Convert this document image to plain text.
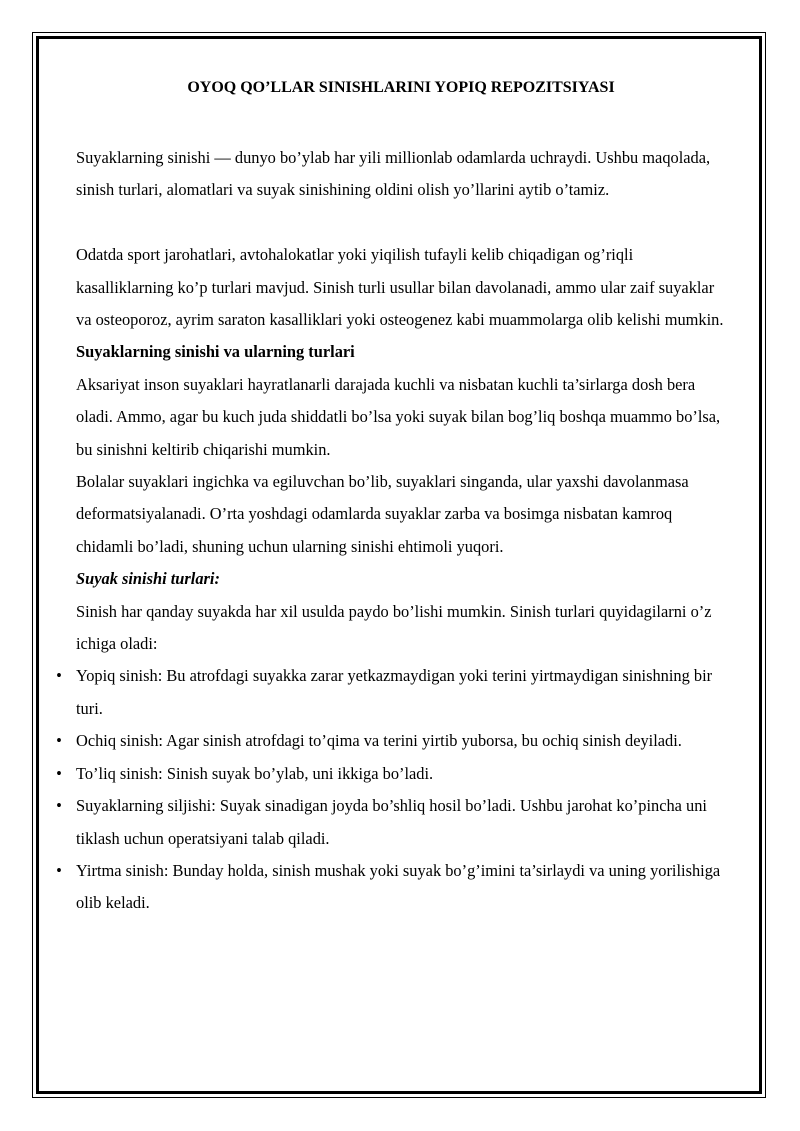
OYOQ QO’LLAR SINISHLARINI YOPIQ REPOZITSIYASI

Suyaklarning sinishi — dunyo bo’ylab har yili millionlab odamlarda uchraydi. Ushbu maqolada, sinish turlari, alomatlari va suyak sinishining oldini olish yo’llarini aytib o’tamiz.

Odatda sport jarohatlari, avtohalokatlar yoki yiqilish tufayli kelib chiqadigan og’riqli kasalliklarning ko’p turlari mavjud. Sinish turli usullar bilan davolanadi, ammo ular zaif suyaklar va osteoporoz, ayrim saraton kasalliklari yoki osteogenez kabi muammolarga olib kelishi mumkin.

Suyaklarning sinishi va ularning turlari

Aksariyat inson suyaklari hayratlanarli darajada kuchli va nisbatan kuchli ta’sirlarga dosh bera oladi. Ammo, agar bu kuch juda shiddatli bo’lsa yoki suyak bilan bog’liq boshqa muammo bo’lsa, bu sinishni keltirib chiqarishi mumkin.

Bolalar suyaklari ingichka va egiluvchan bo’lib, suyaklari singanda, ular yaxshi davolanmasa deformatsiyalanadi. O’rta yoshdagi odamlarda suyaklar zarba va bosimga nisbatan kamroq chidamli bo’ladi, shuning uchun ularning sinishi ehtimoli yuqori.

Suyak sinishi turlari:

Sinish har qanday suyakda har xil usulda paydo bo’lishi mumkin. Sinish turlari quyidagilarni o’z ichiga oladi:

• Yopiq sinish: Bu atrofdagi suyakka zarar yetkazmaydigan yoki terini yirtmaydigan sinishning bir turi.
• Ochiq sinish: Agar sinish atrofdagi to’qima va terini yirtib yuborsa, bu ochiq sinish deyiladi.
• To’liq sinish: Sinish suyak bo’ylab, uni ikkiga bo’ladi.
• Suyaklarning siljishi: Suyak sinadigan joyda bo’shliq hosil bo’ladi. Ushbu jarohat ko’pincha uni tiklash uchun operatsiyani talab qiladi.
• Yirtma sinish: Bunday holda, sinish mushak yoki suyak bo’g’imini ta’sirlaydi va uning yorilishiga olib keladi.
